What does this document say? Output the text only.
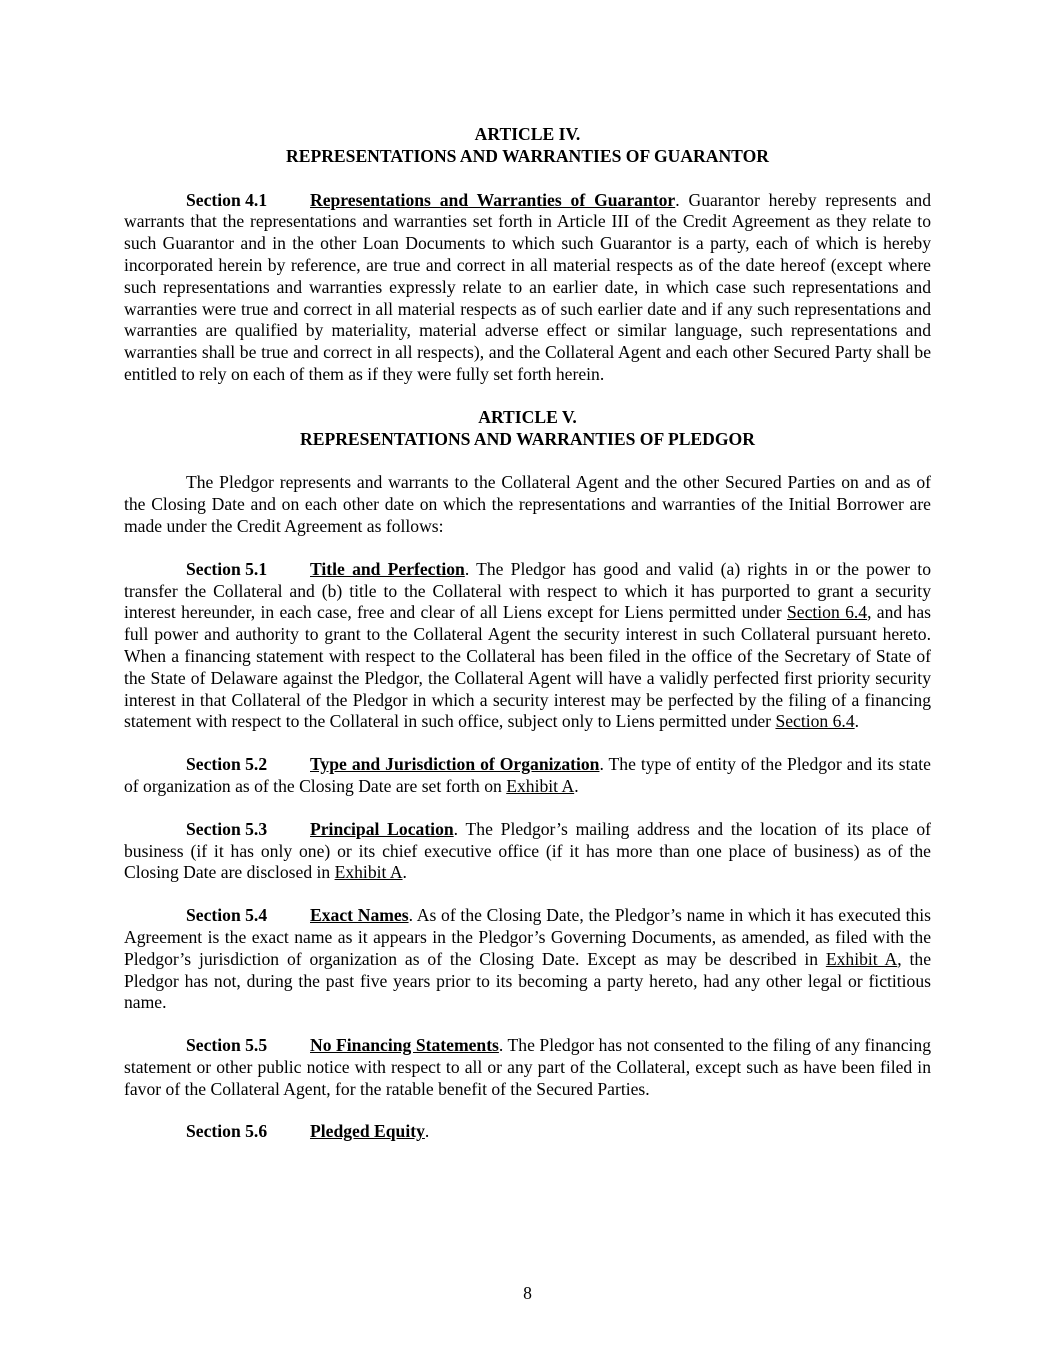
ARTICLE IV.

REPRESENTATIONS AND WARRANTIES OF GUARANTOR

Section 4.1 Representations and Warranties of Guarantor. Guarantor hereby represents and warrants that the representations and warranties set forth in Article III of the Credit Agreement as they relate to such Guarantor and in the other Loan Documents to which such Guarantor is a party, each of which is hereby incorporated herein by reference, are true and correct in all material respects as of the date hereof (except where such representations and warranties expressly relate to an earlier date, in which case such representations and warranties were true and correct in all material respects as of such earlier date and if any such representations and warranties are qualified by materiality, material adverse effect or similar language, such representations and warranties shall be true and correct in all respects), and the Collateral Agent and each other Secured Party shall be entitled to rely on each of them as if they were fully set forth herein.

ARTICLE V.

REPRESENTATIONS AND WARRANTIES OF PLEDGOR

The Pledgor represents and warrants to the Collateral Agent and the other Secured Parties on and as of the Closing Date and on each other date on which the representations and warranties of the Initial Borrower are made under the Credit Agreement as follows:

Section 5.1 Title and Perfection. The Pledgor has good and valid (a) rights in or the power to transfer the Collateral and (b) title to the Collateral with respect to which it has purported to grant a security interest hereunder, in each case, free and clear of all Liens except for Liens permitted under Section 6.4, and has full power and authority to grant to the Collateral Agent the security interest in such Collateral pursuant hereto. When a financing statement with respect to the Collateral has been filed in the office of the Secretary of State of the State of Delaware against the Pledgor, the Collateral Agent will have a validly perfected first priority security interest in that Collateral of the Pledgor in which a security interest may be perfected by the filing of a financing statement with respect to the Collateral in such office, subject only to Liens permitted under Section 6.4.

Section 5.2 Type and Jurisdiction of Organization. The type of entity of the Pledgor and its state of organization as of the Closing Date are set forth on Exhibit A.

Section 5.3 Principal Location. The Pledgor’s mailing address and the location of its place of business (if it has only one) or its chief executive office (if it has more than one place of business) as of the Closing Date are disclosed in Exhibit A.

Section 5.4 Exact Names. As of the Closing Date, the Pledgor’s name in which it has executed this Agreement is the exact name as it appears in the Pledgor’s Governing Documents, as amended, as filed with the Pledgor’s jurisdiction of organization as of the Closing Date. Except as may be described in Exhibit A, the Pledgor has not, during the past five years prior to its becoming a party hereto, had any other legal or fictitious name.

Section 5.5 No Financing Statements. The Pledgor has not consented to the filing of any financing statement or other public notice with respect to all or any part of the Collateral, except such as have been filed in favor of the Collateral Agent, for the ratable benefit of the Secured Parties.

Section 5.6 Pledged Equity.

8
